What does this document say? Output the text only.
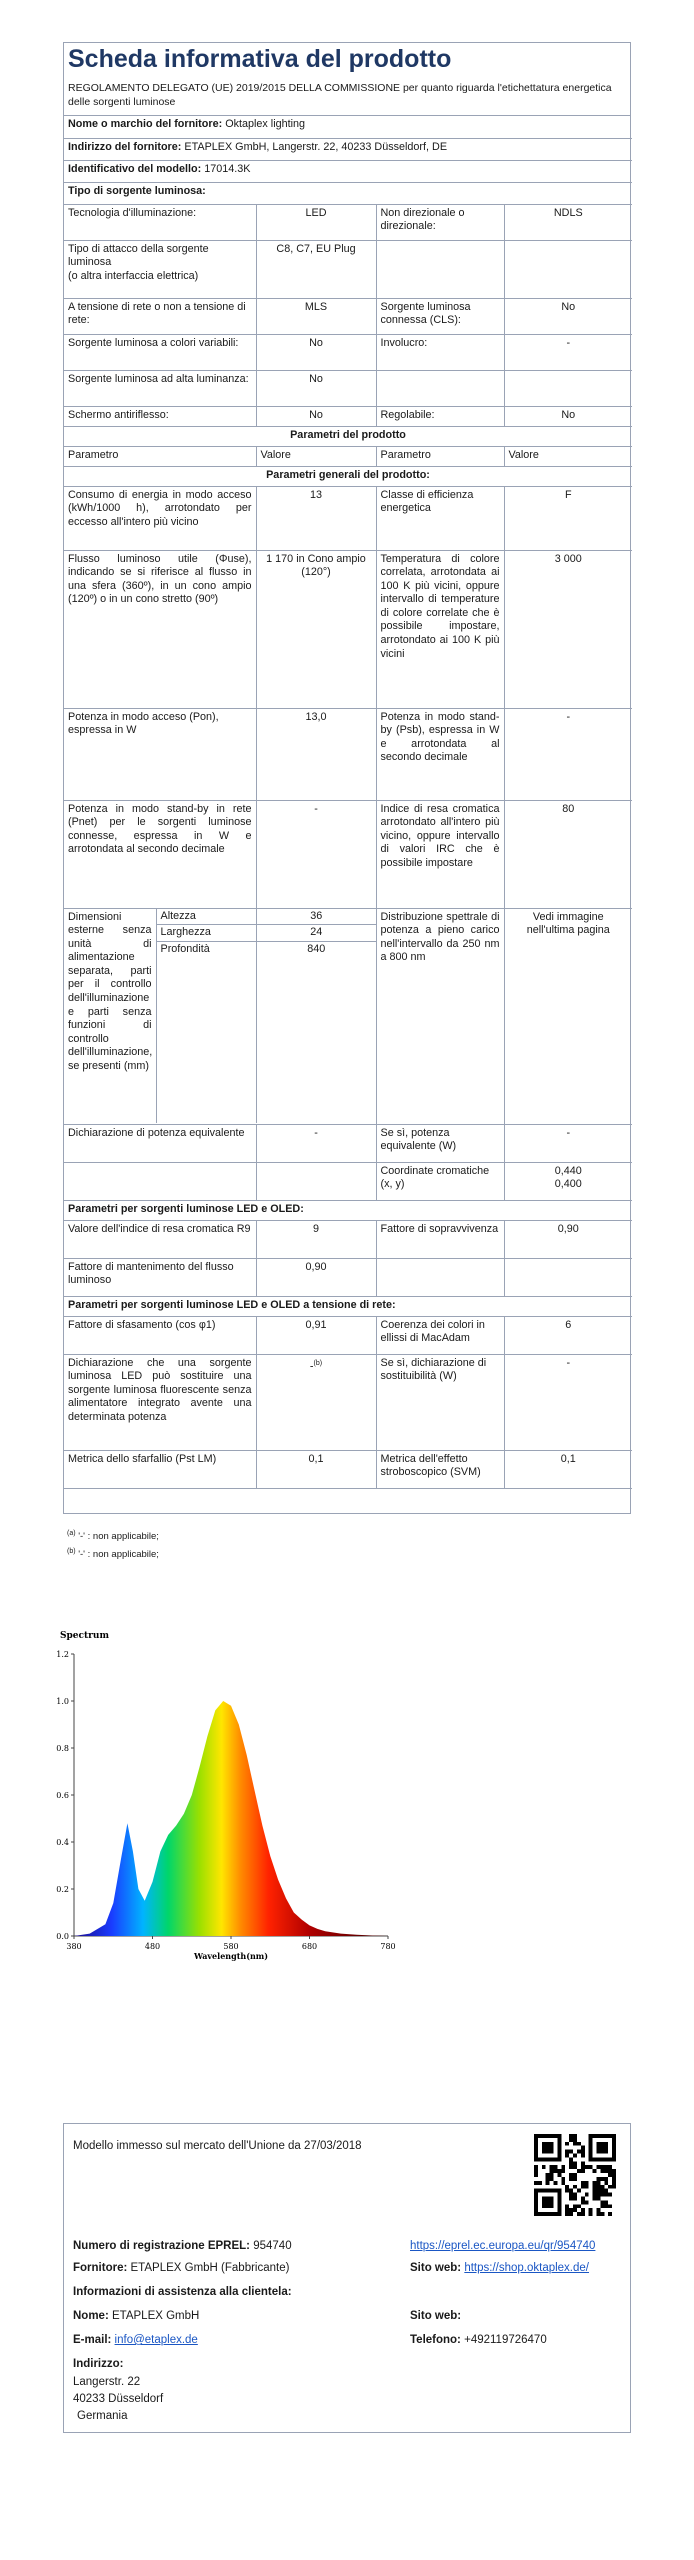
Scheda informativa del prodotto
REGOLAMENTO DELEGATO (UE) 2019/2015 DELLA COMMISSIONE per quanto riguarda l'etichettatura energetica delle sorgenti luminose
Nome o marchio del fornitore: Oktaplex lighting
Indirizzo del fornitore: ETAPLEX GmbH, Langerstr. 22, 40233 Düsseldorf, DE
Identificativo del modello: 17014.3K
Tipo di sorgente luminosa:
Tecnologia d'illuminazione:	LED	Non direzionale o direzionale:	NDLS
Tipo di attacco della sorgente luminosa
(o altra interfaccia elettrica)	C8, C7, EU Plug		
A tensione di rete o non a tensione di rete:	MLS	Sorgente luminosa connessa (CLS):	No
Sorgente luminosa a colori variabili:	No	Involucro:	-
Sorgente luminosa ad alta luminanza:	No		
Schermo antiriflesso:	No	Regolabile:	No
Parametri del prodotto
Parametro	Valore	Parametro	Valore
Parametri generali del prodotto:
Consumo di energia in modo acceso (kWh/1000 h), arrotondato per eccesso all'intero più vicino	13	Classe di efficienza energetica	F
Flusso luminoso utile (Φuse), indicando se si riferisce al flusso in una sfera (360º), in un cono ampio (120º) o in un cono stretto (90º)	1 170 in Cono ampio (120°)	Temperatura di colore correlata, arrotondata ai 100 K più vicini, oppure intervallo di temperature di colore correlate che è possibile impostare, arrotondato ai 100 K più vicini	3 000
Potenza in modo acceso (Pon), espressa in W	13,0	Potenza in modo stand-by (Psb), espressa in W e arrotondata al secondo decimale	-
Potenza in modo stand-by in rete (Pnet) per le sorgenti luminose connesse, espressa in W e arrotondata al secondo decimale	-	Indice di resa cromatica arrotondato all'intero più vicino, oppure intervallo di valori IRC che è possibile impostare	80

Dimensioni esterne senza unità di alimentazione separata, parti per il controllo dell'illuminazione e parti senza funzioni di controllo dell'illuminazione, se presenti (mm)	Altezza	36
Larghezza	24
Profondità	840
	Distribuzione spettrale di potenza a pieno carico nell'intervallo da 250 nm a 800 nm	Vedi immagine nell'ultima pagina
Dichiarazione di potenza equivalente	-	Se sì, potenza equivalente (W)	-
		Coordinate cromatiche (x, y)	0,440
0,400
Parametri per sorgenti luminose LED e OLED:
Valore dell'indice di resa cromatica R9	9	Fattore di sopravvivenza	0,90
Fattore di mantenimento del flusso luminoso	0,90		
Parametri per sorgenti luminose LED e OLED a tensione di rete:
Fattore di sfasamento (cos φ1)	0,91	Coerenza dei colori in ellissi di MacAdam	6
Dichiarazione che una sorgente luminosa LED può sostituire una sorgente luminosa fluorescente senza alimentatore integrato avente una determinata potenza	-$^{(b)}$	Se sì, dichiarazione di sostituibilità (W)	-
Metrica dello sfarfallio (Pst LM)	0,1	Metrica dell'effetto stroboscopico (SVM)	0,1
$^{(a)}$ '-' : non applicabile;
$^{(b)}$ '-' : non applicabile;
Spectrum
0.0
0.2
0.4
0.6
0.8
1.0
1.2
380	480	580	680	780
Wavelength(nm)
Modello immesso sul mercato dell'Unione da 27/03/2018
Numero di registrazione EPREL: 954740	https://eprel.ec.europa.eu/qr/954740
Fornitore: ETAPLEX GmbH (Fabbricante)	Sito web: https://shop.oktaplex.de/
Informazioni di assistenza alla clientela:
Nome: ETAPLEX GmbH	Sito web:
E-mail: info@etaplex.de	Telefono: +492119726470
Indirizzo:
Langerstr. 22
40233 Düsseldorf
Germania
